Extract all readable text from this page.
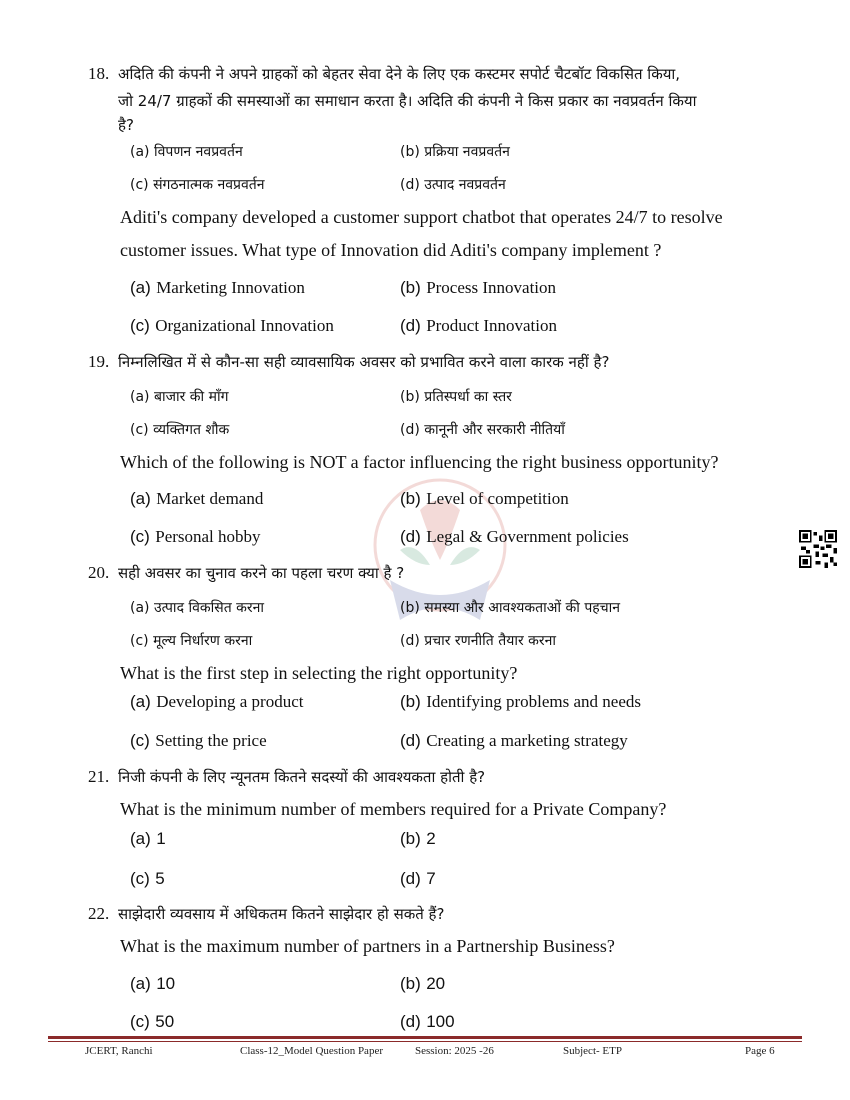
18. अदिति की कंपनी ने अपने ग्राहकों को बेहतर सेवा देने के लिए एक कस्टमर सपोर्ट चैटबॉट विकसित किया,
जो 24/7 ग्राहकों की समस्याओं का समाधान करता है। अदिति की कंपनी ने किस प्रकार का नवप्रवर्तन किया
है?
(a) विपणन नवप्रवर्तन	(b) प्रक्रिया नवप्रवर्तन
(c) संगठनात्मक नवप्रवर्तन	(d) उत्पाद नवप्रवर्तन
Aditi's company developed a customer support chatbot that operates 24/7 to resolve
customer issues. What type of Innovation did Aditi's company implement ?
(a) Marketing Innovation	(b) Process Innovation
(c) Organizational Innovation	(d) Product Innovation
19. निम्नलिखित में से कौन-सा सही व्यावसायिक अवसर को प्रभावित करने वाला कारक नहीं है?
(a) बाजार की माँग	(b) प्रतिस्पर्धा का स्तर
(c) व्यक्तिगत शौक	(d) कानूनी और सरकारी नीतियाँ
Which of the following is NOT a factor influencing the right business opportunity?
(a) Market demand	(b) Level of competition
(c) Personal hobby	(d) Legal & Government policies
20. सही अवसर का चुनाव करने का पहला चरण क्या है ?
(a) उत्पाद विकसित करना	(b) समस्या और आवश्यकताओं की पहचान
(c) मूल्य निर्धारण करना	(d) प्रचार रणनीति तैयार करना
What is the first step in selecting the right opportunity?
(a) Developing a product	(b) Identifying problems and needs
(c) Setting the price	(d) Creating a marketing strategy
21. निजी कंपनी के लिए न्यूनतम कितने सदस्यों की आवश्यकता होती है?
What is the minimum number of members required for a Private Company?
(a) 1	(b) 2
(c) 5	(d) 7
22. साझेदारी व्यवसाय में अधिकतम कितने साझेदार हो सकते हैं?
What is the maximum number of partners in a Partnership Business?
(a) 10	(b) 20
(c) 50	(d) 100
JCERT, Ranchi	Class-12_Model Question Paper	Session: 2025 -26	Subject- ETP	Page 6
